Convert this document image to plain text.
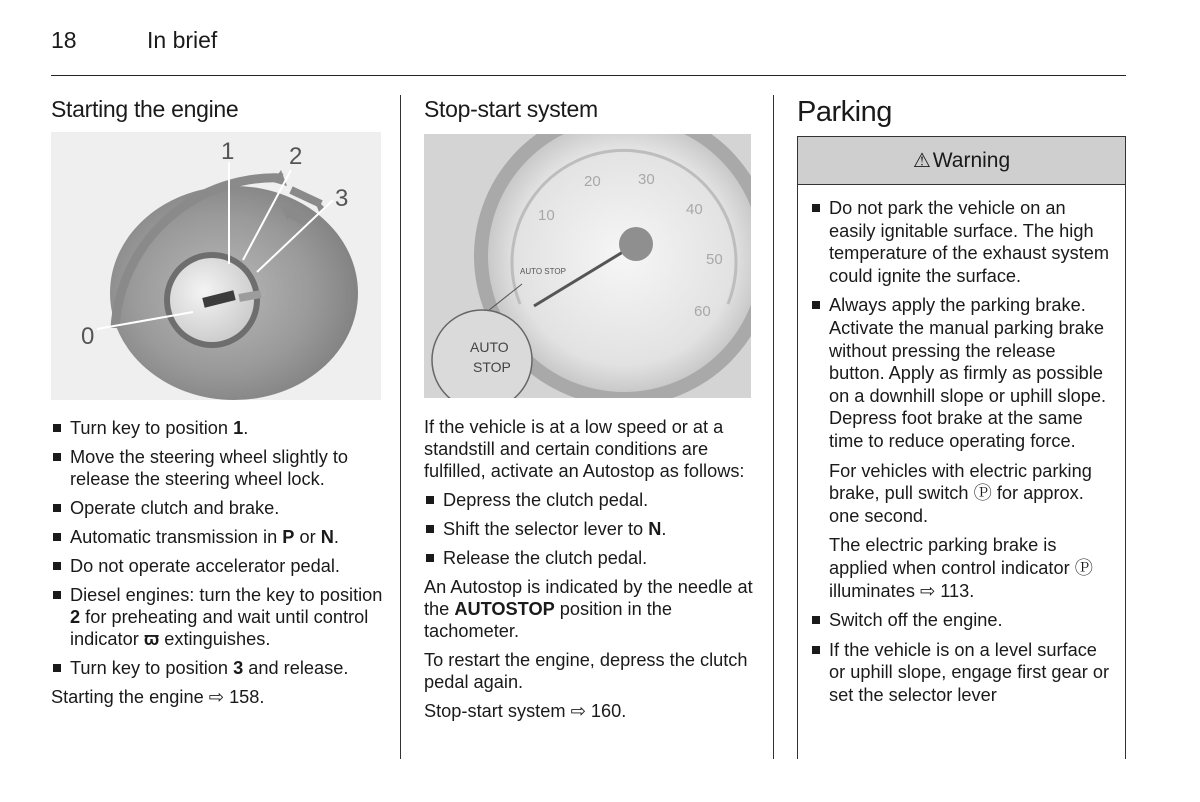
18	In brief
Starting the engine
1 2
3
0
Turn key to position 1.
Move the steering wheel slightly to release the steering wheel lock.
Operate clutch and brake.
Automatic transmission in P or N.
Do not operate accelerator pedal.
Diesel engines: turn the key to position 2 for preheating and wait until control indicator ϖ extinguishes.
Turn key to position 3 and release.
Starting the engine ⇨ 158.
Stop-start system
10
20 30
40
50
60
AUTO STOP
AUTO
STOP

If the vehicle is at a low speed or at a standstill and certain conditions are fulfilled, activate an Autostop as follows:

Depress the clutch pedal.
Shift the selector lever to N.
Release the clutch pedal.

An Autostop is indicated by the needle at the AUTOSTOP position in the tachometer.

To restart the engine, depress the clutch pedal again.

Stop-start system ⇨ 160.
Parking
⚠ Warning
Do not park the vehicle on an easily ignitable surface. The high temperature of the exhaust system could ignite the surface.
Always apply the parking brake. Activate the manual parking brake without pressing the release button. Apply as firmly as possible on a downhill slope or uphill slope. Depress foot brake at the same time to reduce operating force.

For vehicles with electric parking brake, pull switch Ⓟ for approx. one second.

The electric parking brake is applied when control indicator Ⓟ illuminates ⇨ 113.

Switch off the engine.
If the vehicle is on a level surface or uphill slope, engage first gear or set the selector lever
